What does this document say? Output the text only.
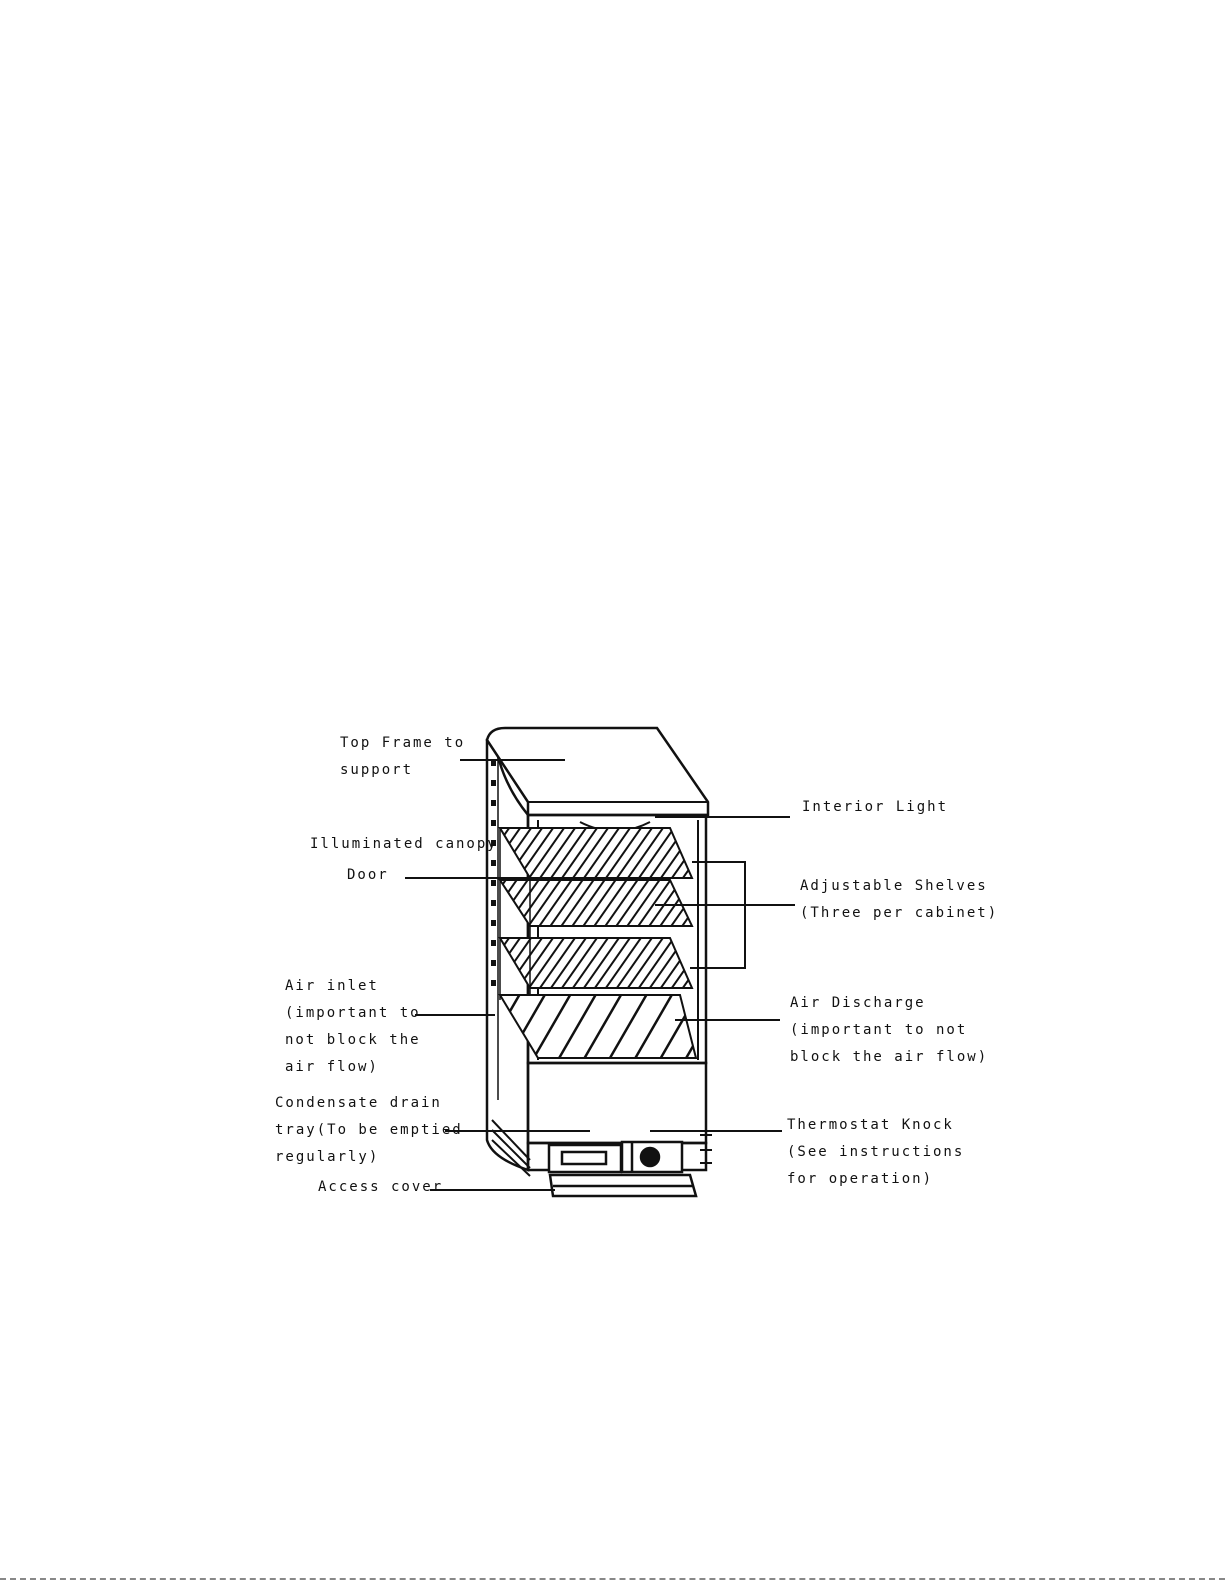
Top Frame to
support
Interior Light
Illuminated canopy
Door
Adjustable Shelves
(Three per cabinet)
Air inlet
(important to
not block the
air flow)
Air Discharge
(important to not
block the air flow)
Condensate drain
tray(To be emptied
regularly)
Thermostat Knock
(See instructions
for operation)
Access cover
